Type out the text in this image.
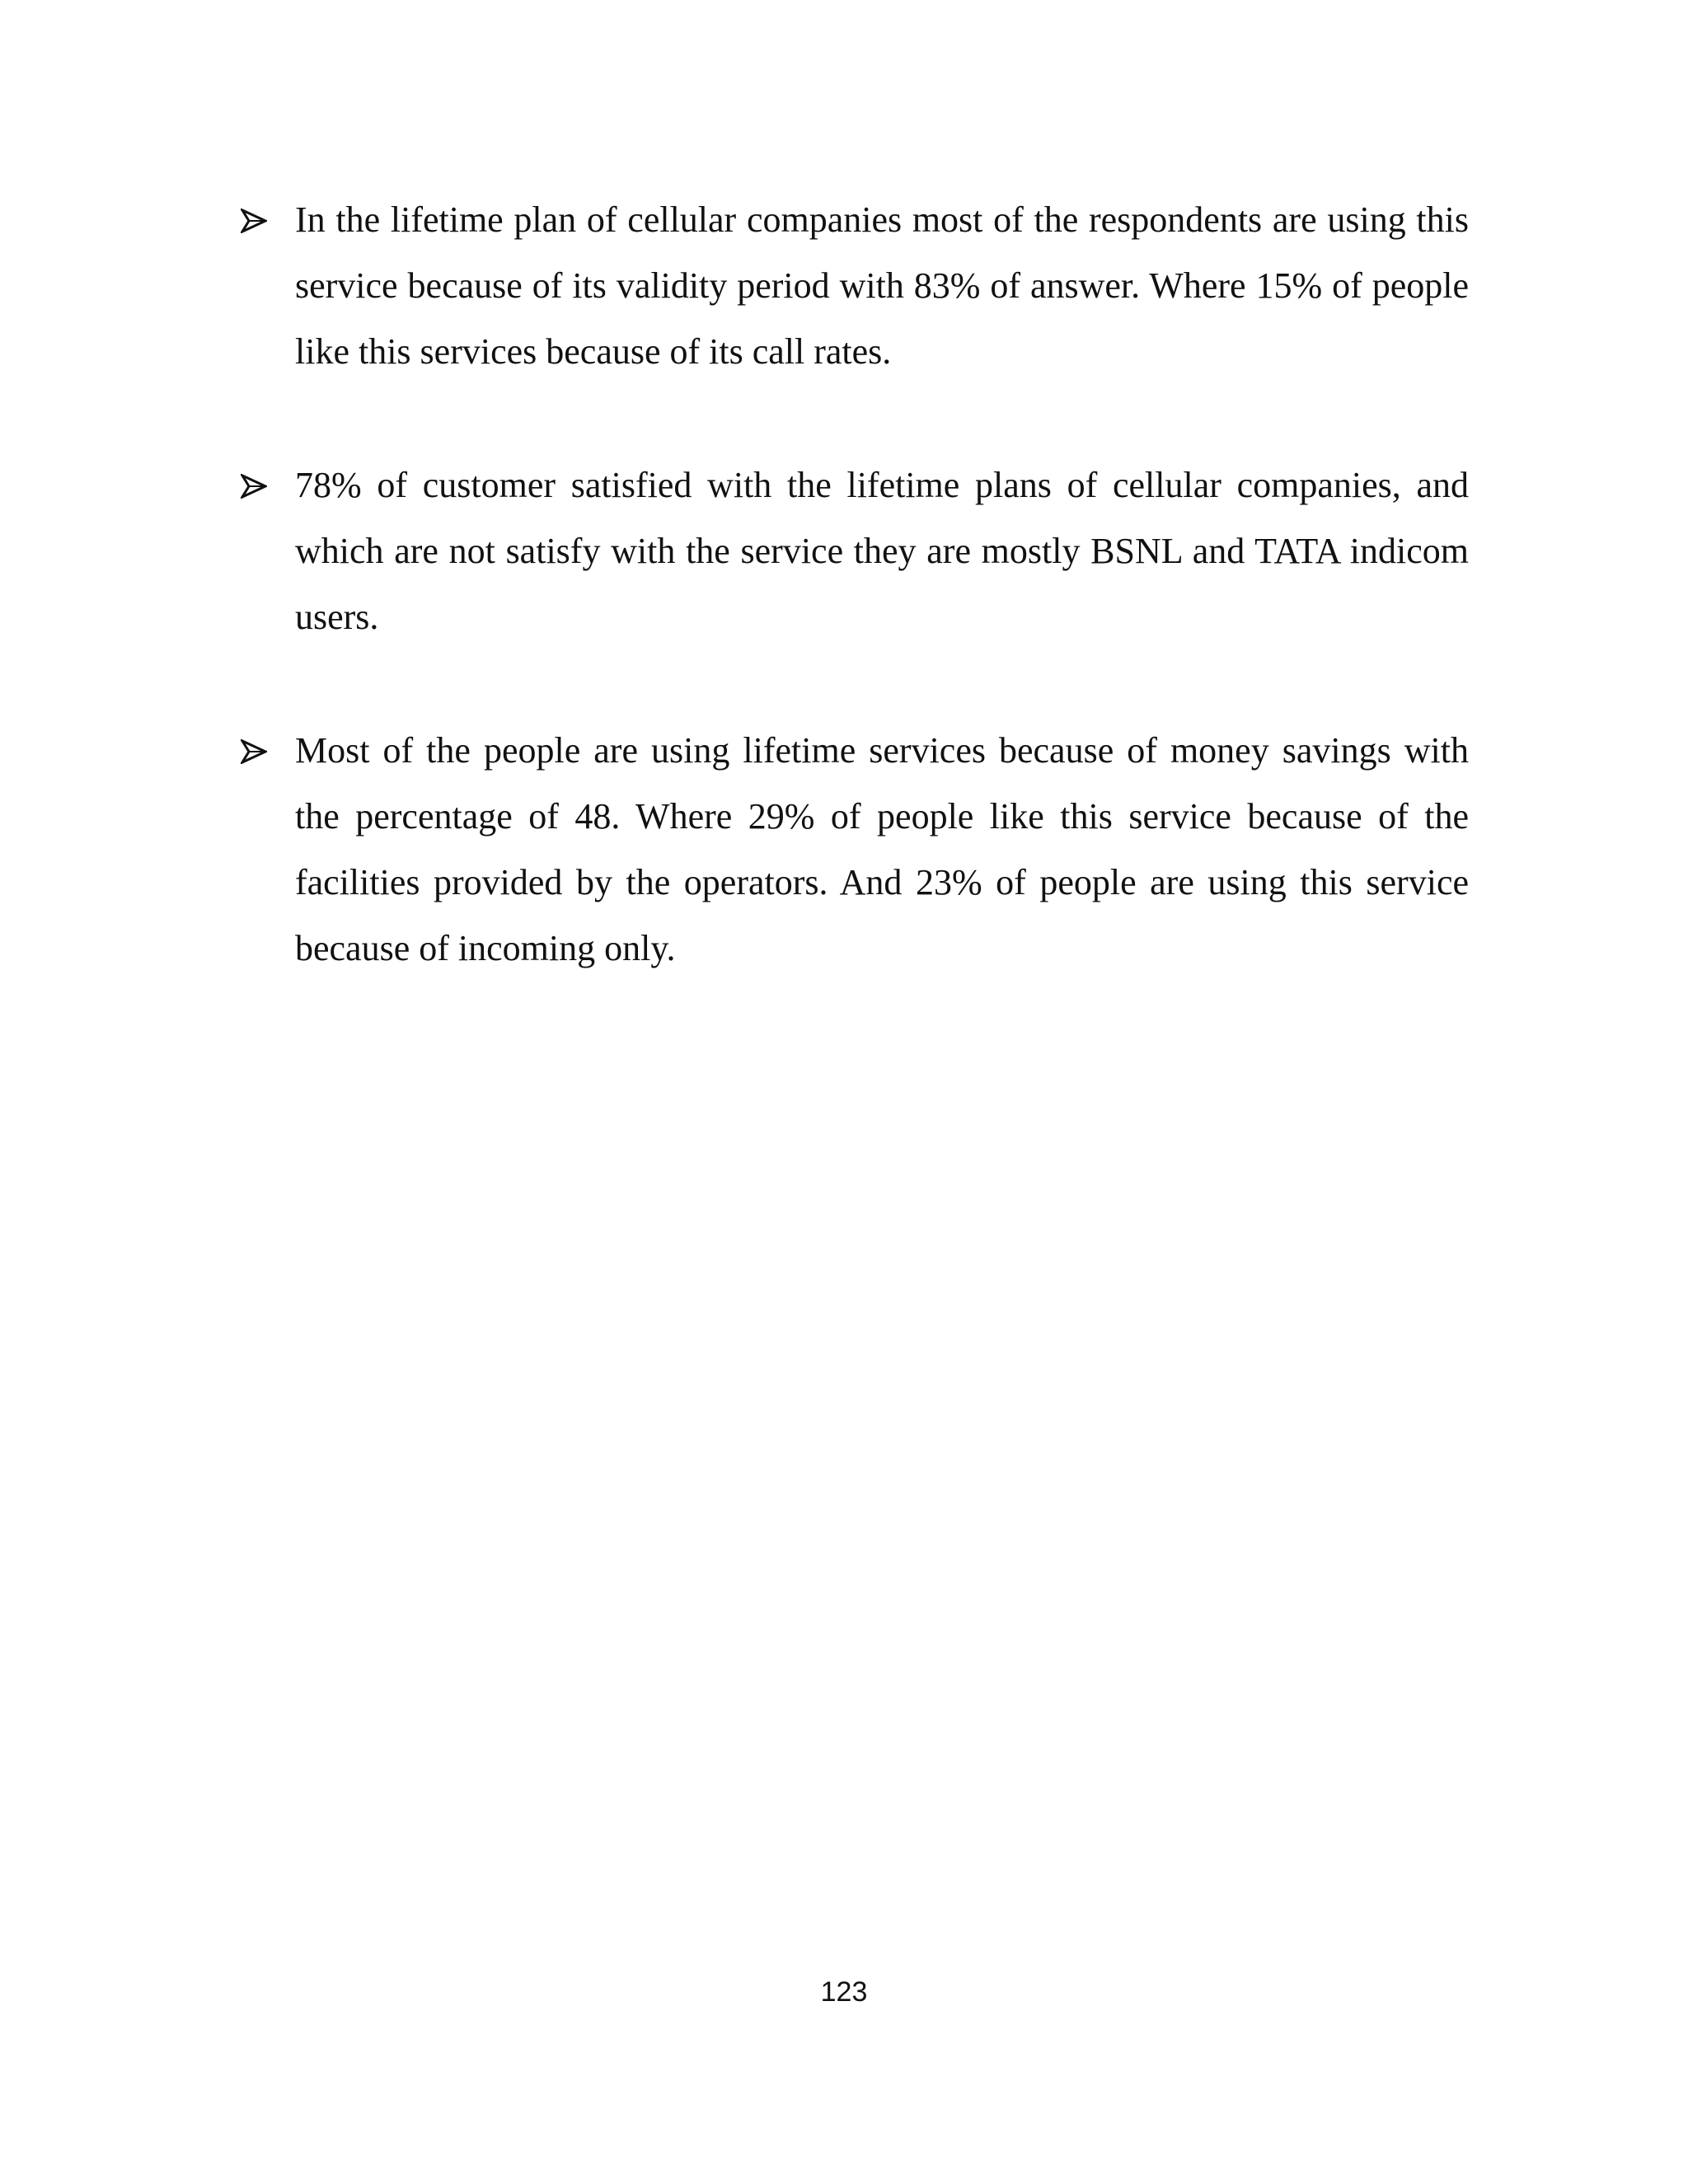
In the lifetime plan of cellular companies most of the respondents are using this service because of its validity period with 83% of answer. Where 15% of people like this services because of its call rates.
78% of customer satisfied with the lifetime plans of cellular companies, and which are not satisfy with the service they are mostly BSNL and TATA indicom users.
Most of the people are using lifetime services because of money savings with the percentage of 48. Where 29% of people like this service because of the facilities provided by the operators. And 23% of people are using this service because of incoming only.
123
